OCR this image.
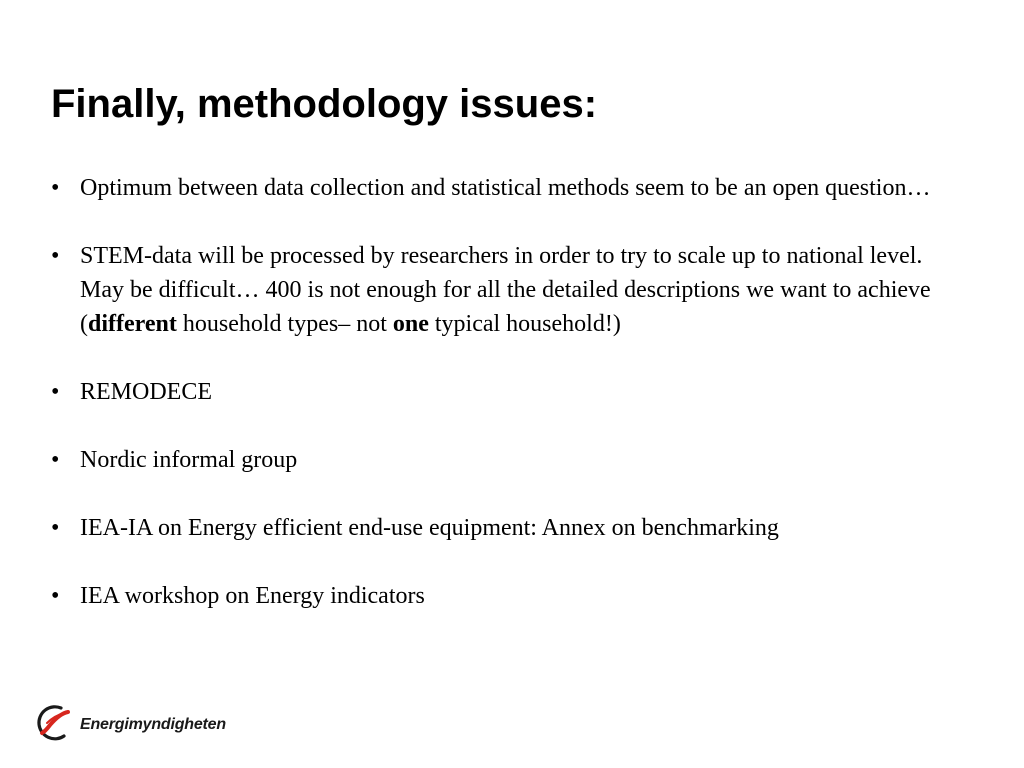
Finally, methodology issues:
• Optimum between data collection and statistical methods seem to be an open question…
• STEM-data will be processed by researchers in order to try to scale up to national level. May be difficult… 400 is not enough for all the detailed descriptions we want to achieve (different household types– not one typical household!)
• REMODECE
• Nordic informal group
• IEA-IA on Energy efficient end-use equipment: Annex on benchmarking
• IEA workshop on Energy indicators
Energimyndigheten
